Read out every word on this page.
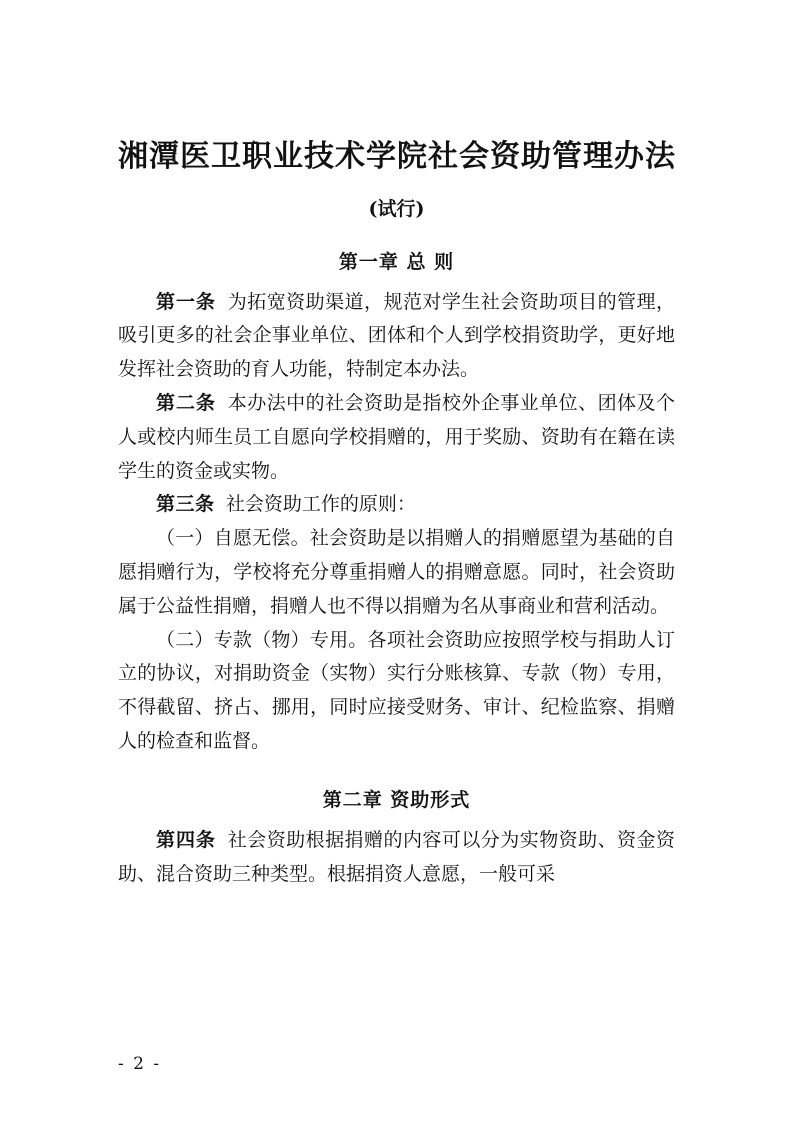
湘潭医卫职业技术学院社会资助管理办法
(试行)
第一章 总 则

第一条 为拓宽资助渠道，规范对学生社会资助项目的管理，吸引更多的社会企事业单位、团体和个人到学校捐资助学，更好地发挥社会资助的育人功能，特制定本办法。

第二条 本办法中的社会资助是指校外企事业单位、团体及个人或校内师生员工自愿向学校捐赠的，用于奖励、资助有在籍在读学生的资金或实物。

第三条 社会资助工作的原则：

（一）自愿无偿。社会资助是以捐赠人的捐赠愿望为基础的自愿捐赠行为，学校将充分尊重捐赠人的捐赠意愿。同时，社会资助属于公益性捐赠，捐赠人也不得以捐赠为名从事商业和营利活动。

（二）专款（物）专用。各项社会资助应按照学校与捐助人订立的协议，对捐助资金（实物）实行分账核算、专款（物）专用，不得截留、挤占、挪用，同时应接受财务、审计、纪检监察、捐赠人的检查和监督。

第二章 资助形式

第四条 社会资助根据捐赠的内容可以分为实物资助、资金资助、混合资助三种类型。根据捐资人意愿，一般可采

- 2 -
